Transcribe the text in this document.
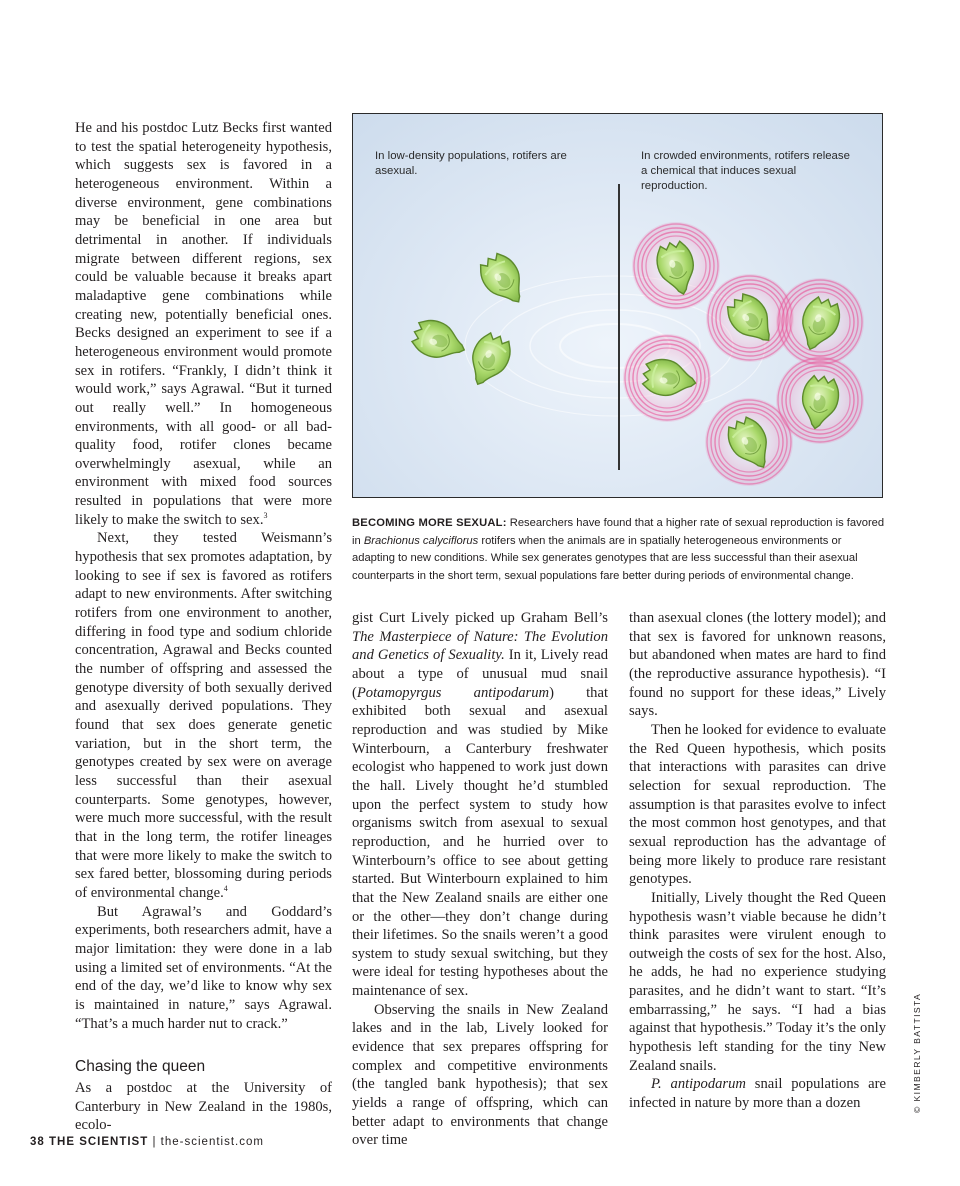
He and his postdoc Lutz Becks first wanted to test the spatial heterogeneity hypothesis, which suggests sex is favored in a heterogeneous environment. Within a diverse environment, gene combinations may be beneficial in one area but detrimental in another. If individuals migrate between different regions, sex could be valuable because it breaks apart maladaptive gene combinations while creating new, potentially beneficial ones. Becks designed an experiment to see if a heterogeneous environment would promote sex in rotifers. “Frankly, I didn’t think it would work,” says Agrawal. “But it turned out really well.” In homogeneous environments, with all good- or all bad-quality food, rotifer clones became overwhelmingly asexual, while an environment with mixed food sources resulted in populations that were more likely to make the switch to sex.$^3$

Next, they tested Weismann’s hypothesis that sex promotes adaptation, by looking to see if sex is favored as rotifers adapt to new environments. After switching rotifers from one environment to another, differing in food type and sodium chloride concentration, Agrawal and Becks counted the number of offspring and assessed the genotype diversity of both sexually derived and asexually derived populations. They found that sex does generate genetic variation, but in the short term, the genotypes created by sex were on average less successful than their asexual counterparts. Some genotypes, however, were much more successful, with the result that in the long term, the rotifer lineages that were more likely to make the switch to sex fared better, blossoming during periods of environmental change.$^4$

But Agrawal’s and Goddard’s experiments, both researchers admit, have a major limitation: they were done in a lab using a limited set of environments. “At the end of the day, we’d like to know why sex is maintained in nature,” says Agrawal. “That’s a much harder nut to crack.”

Chasing the queen

As a postdoc at the University of Canterbury in New Zealand in the 1980s, ecolo-

In low-density populations, rotifers are asexual.
In crowded environments, rotifers release a chemical that induces sexual reproduction.
BECOMING MORE SEXUAL: Researchers have found that a higher rate of sexual reproduction is favored in Brachionus calyciflorus rotifers when the animals are in spatially heterogeneous environments or adapting to new conditions. While sex generates genotypes that are less successful than their asexual counterparts in the short term, sexual populations fare better during periods of environmental change.

gist Curt Lively picked up Graham Bell’s The Masterpiece of Nature: The Evolution and Genetics of Sexuality. In it, Lively read about a type of unusual mud snail (Potamopyrgus antipodarum) that exhibited both sexual and asexual reproduction and was studied by Mike Winterbourn, a Canterbury freshwater ecologist who happened to work just down the hall. Lively thought he’d stumbled upon the perfect system to study how organisms switch from asexual to sexual reproduction, and he hurried over to Winterbourn’s office to see about getting started. But Winterbourn explained to him that the New Zealand snails are either one or the other—they don’t change during their lifetimes. So the snails weren’t a good system to study sexual switching, but they were ideal for testing hypotheses about the maintenance of sex.

Observing the snails in New Zealand lakes and in the lab, Lively looked for evidence that sex prepares offspring for complex and competitive environments (the tangled bank hypothesis); that sex yields a range of offspring, which can better adapt to environments that change over time

than asexual clones (the lottery model); and that sex is favored for unknown reasons, but abandoned when mates are hard to find (the reproductive assurance hypothesis). “I found no support for these ideas,” Lively says.

Then he looked for evidence to evaluate the Red Queen hypothesis, which posits that interactions with parasites can drive selection for sexual reproduction. The assumption is that parasites evolve to infect the most common host genotypes, and that sexual reproduction has the advantage of being more likely to produce rare resistant genotypes.

Initially, Lively thought the Red Queen hypothesis wasn’t viable because he didn’t think parasites were virulent enough to outweigh the costs of sex for the host. Also, he adds, he had no experience studying parasites, and he didn’t want to start. “It’s embarrassing,” he says. “I had a bias against that hypothesis.” Today it’s the only hypothesis left standing for the tiny New Zealand snails.

P. antipodarum snail populations are infected in nature by more than a dozen	© KIMBERLY BATTISTA
38 THE SCIENTIST | the-scientist.com
